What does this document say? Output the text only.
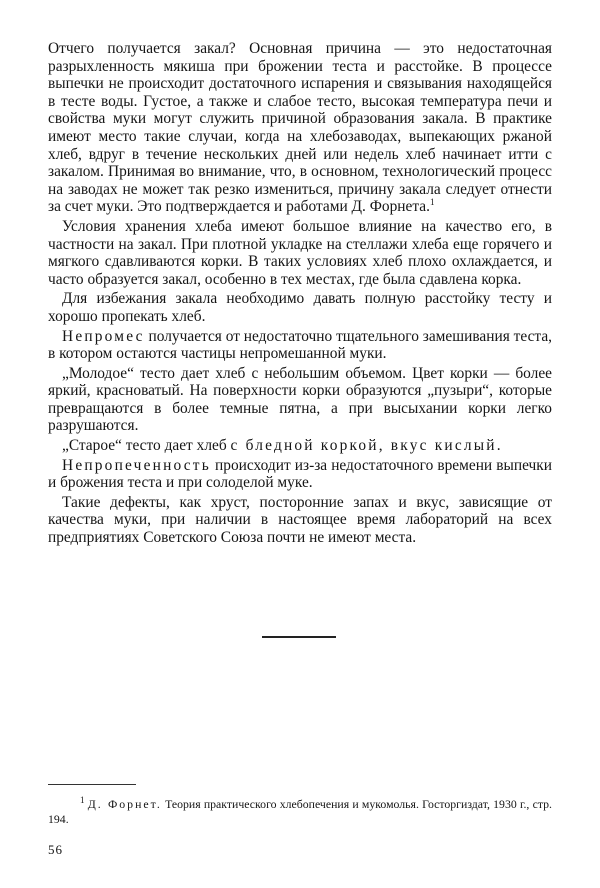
Отчего получается закал? Основная причина — это недостаточная разрыхленность мякиша при брожении теста и расстойке. В процессе выпечки не происходит достаточного испарения и связывания находящейся в тесте воды. Густое, а также и слабое тесто, высокая температура печи и свойства муки могут служить причиной образования закала. В практике имеют место такие случаи, когда на хлебозаводах, выпекающих ржаной хлеб, вдруг в течение нескольких дней или недель хлеб начинает итти с закалом. Принимая во внимание, что, в основном, технологический процесс на заводах не может так резко измениться, причину закала следует отнести за счет муки. Это подтверждается и работами Д. Форнета.$^1$

Условия хранения хлеба имеют большое влияние на качество его, в частности на закал. При плотной укладке на стеллажи хлеба еще горячего и мягкого сдавливаются корки. В таких условиях хлеб плохо охлаждается, и часто образуется закал, особенно в тех местах, где была сдавлена корка.

Для избежания закала необходимо давать полную расстойку тесту и хорошо пропекать хлеб.

Непромес получается от недостаточно тщательного замешивания теста, в котором остаются частицы непромешанной муки.

„Молодое“ тесто дает хлеб с небольшим объемом. Цвет корки — более яркий, красноватый. На поверхности корки образуются „пузыри“, которые превращаются в более темные пятна, а при высыхании корки легко разрушаются.

„Старое“ тесто дает хлеб с бледной коркой, вкус кислый.

Непропеченность происходит из-за недостаточного времени выпечки и брожения теста и при солоделой муке.

Такие дефекты, как хруст, посторонние запах и вкус, зависящие от качества муки, при наличии в настоящее время лабораторий на всех предприятиях Советского Союза почти не имеют места.

$^1$ Д. Форнет. Теория практического хлебопечения и мукомолья. Госторгиздат, 1930 г., стр. 194.
56
